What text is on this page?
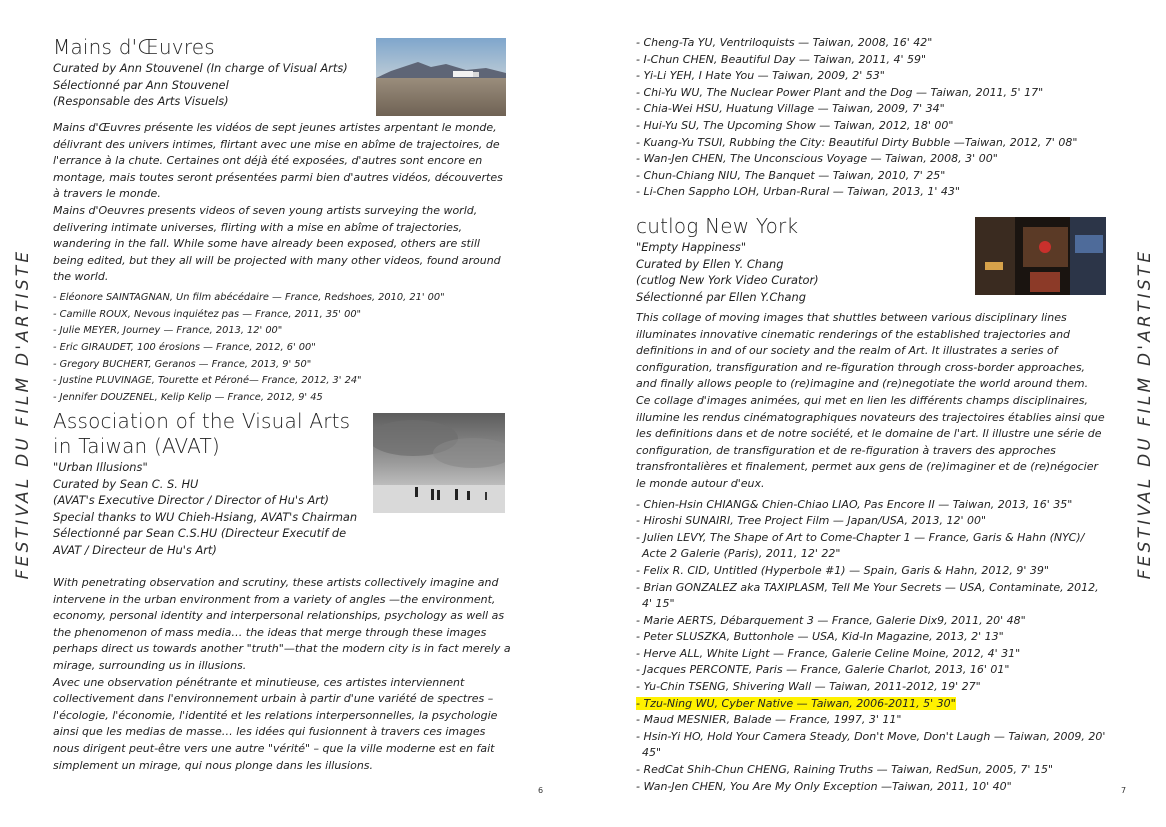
FESTIVAL DU FILM D'ARTISTE	FESTIVAL DU FILM D'ARTISTE
Mains d'Œuvres
Curated by Ann Stouvenel (In charge of Visual Arts)
Sélectionné par Ann Stouvenel
(Responsable des Arts Visuels)
Mains d'Œuvres présente les vidéos de sept jeunes artistes arpentant le monde, délivrant des univers intimes, flirtant avec une mise en abîme de trajectoires, de l'errance à la chute. Certaines ont déjà été exposées, d'autres sont encore en montage, mais toutes seront présentées parmi bien d'autres vidéos, découvertes à travers le monde.
Mains d'Oeuvres presents videos of seven young artists surveying the world, delivering intimate universes, flirting with a mise en abîme of trajectories, wandering in the fall. While some have already been exposed, others are still being edited, but they all will be projected with many other videos, found around the world.
- Eléonore SAINTAGNAN, Un film abécédaire — France, Redshoes, 2010, 21' 00"
- Camille ROUX, Nevous inquiétez pas — France, 2011, 35' 00"
- Julie MEYER, Journey — France, 2013, 12' 00"
- Eric GIRAUDET, 100 érosions — France, 2012, 6' 00"
- Gregory BUCHERT, Geranos — France, 2013, 9' 50"
- Justine PLUVINAGE, Tourette et Péroné— France, 2012, 3' 24"
- Jennifer DOUZENEL, Kelip Kelip — France, 2012, 9' 45
Association of the Visual Arts
in Taiwan (AVAT)
"Urban Illusions"
Curated by Sean C. S. HU
(AVAT's Executive Director / Director of Hu's Art)
Special thanks to WU Chieh-Hsiang, AVAT's Chairman
Sélectionné par Sean C.S.HU (Directeur Executif de
AVAT / Directeur de Hu's Art)
With penetrating observation and scrutiny, these artists collectively imagine and intervene in the urban environment from a variety of angles —the environment, economy, personal identity and interpersonal relationships, psychology as well as the phenomenon of mass media… the ideas that merge through these images perhaps direct us towards another "truth"—that the modern city is in fact merely a mirage, surrounding us in illusions.
Avec une observation pénétrante et minutieuse, ces artistes interviennent collectivement dans l'environnement urbain à partir d'une variété de spectres – l'écologie, l'économie, l'identité et les relations interpersonnelles, la psychologie ainsi que les medias de masse… les idées qui fusionnent à travers ces images nous dirigent peut-être vers une autre "vérité" – que la ville moderne est en fait simplement un mirage, qui nous plonge dans les illusions.
6
- Cheng-Ta YU, Ventriloquists — Taiwan, 2008, 16' 42"
- I-Chun CHEN, Beautiful Day — Taiwan, 2011, 4' 59"
- Yi-Li YEH, I Hate You — Taiwan, 2009, 2' 53"
- Chi-Yu WU, The Nuclear Power Plant and the Dog — Taiwan, 2011, 5' 17"
- Chia-Wei HSU, Huatung Village — Taiwan, 2009, 7' 34"
- Hui-Yu SU, The Upcoming Show — Taiwan, 2012, 18' 00"
- Kuang-Yu TSUI, Rubbing the City: Beautiful Dirty Bubble —Taiwan, 2012, 7' 08"
- Wan-Jen CHEN, The Unconscious Voyage — Taiwan, 2008, 3' 00"
- Chun-Chiang NIU, The Banquet — Taiwan, 2010, 7' 25"
- Li-Chen Sappho LOH, Urban-Rural — Taiwan, 2013, 1' 43"
cutlog New York
"Empty Happiness"
Curated by Ellen Y. Chang
(cutlog New York Video Curator)
Sélectionné par Ellen Y.Chang
This collage of moving images that shuttles between various disciplinary lines illuminates innovative cinematic renderings of the established trajectories and definitions in and of our society and the realm of Art. It illustrates a series of configuration, transfiguration and re-figuration through cross-border approaches, and finally allows people to (re)imagine and (re)negotiate the world around them.
Ce collage d'images animées, qui met en lien les différents champs disciplinaires, illumine les rendus cinématographiques novateurs des trajectoires établies ainsi que les definitions dans et de notre société, et le domaine de l'art. Il illustre une série de configuration, de transfiguration et de re-figuration à travers des approches transfrontalières et finalement, permet aux gens de (re)imaginer et de (re)négocier le monde autour d'eux.
- Chien-Hsin CHIANG& Chien-Chiao LIAO, Pas Encore II — Taiwan, 2013, 16' 35"
- Hiroshi SUNAIRI, Tree Project Film — Japan/USA, 2013, 12' 00"
- Julien LEVY, The Shape of Art to Come-Chapter 1 — France, Garis & Hahn (NYC)/ Acte 2 Galerie (Paris), 2011, 12' 22"
- Felix R. CID, Untitled (Hyperbole #1) — Spain, Garis & Hahn, 2012, 9' 39"
- Brian GONZALEZ aka TAXIPLASM, Tell Me Your Secrets — USA, Contaminate, 2012, 4' 15"
- Marie AERTS, Débarquement 3 — France, Galerie Dix9, 2011, 20' 48"
- Peter SLUSZKA, Buttonhole — USA, Kid-In Magazine, 2013, 2' 13"
- Herve ALL, White Light — France, Galerie Celine Moine, 2012, 4' 31"
- Jacques PERCONTE, Paris — France, Galerie Charlot, 2013, 16' 01"
- Yu-Chin TSENG, Shivering Wall — Taiwan, 2011-2012, 19' 27"
- Tzu-Ning WU, Cyber Native — Taiwan, 2006-2011, 5' 30"
- Maud MESNIER, Balade — France, 1997, 3' 11"
- Hsin-Yi HO, Hold Your Camera Steady, Don't Move, Don't Laugh — Taiwan, 2009, 20' 45"
- RedCat Shih-Chun CHENG, Raining Truths — Taiwan, RedSun, 2005, 7' 15"
- Wan-Jen CHEN, You Are My Only Exception —Taiwan, 2011, 10' 40"	7
